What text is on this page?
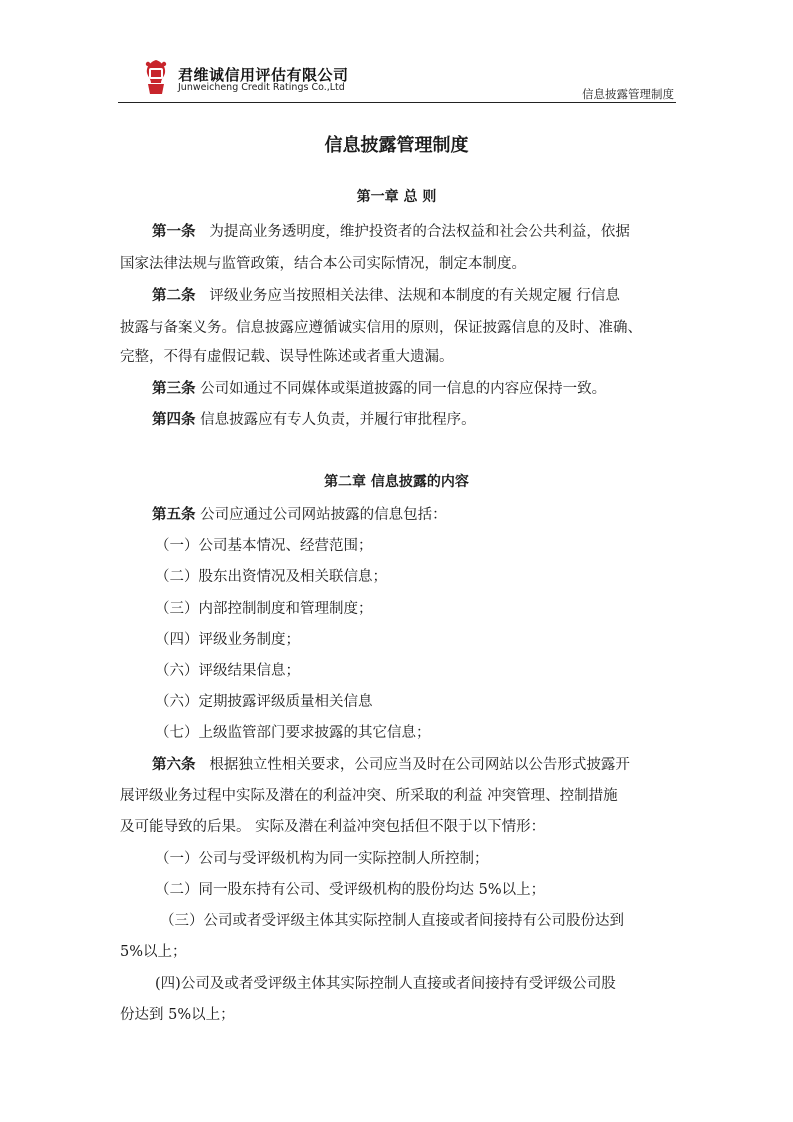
君维诚信用评估有限公司
Junweicheng Credit Ratings Co.,Ltd	信息披露管理制度
信息披露管理制度
第一章 总 则
第一条 为提高业务透明度，维护投资者的合法权益和社会公共利益，依据
国家法律法规与监管政策，结合本公司实际情况，制定本制度。
第二条 评级业务应当按照相关法律、法规和本制度的有关规定履 行信息
披露与备案义务。信息披露应遵循诚实信用的原则，保证披露信息的及时、准确、
完整，不得有虚假记载、误导性陈述或者重大遗漏。
第三条 公司如通过不同媒体或渠道披露的同一信息的内容应保持一致。
第四条 信息披露应有专人负责，并履行审批程序。
第二章 信息披露的内容
第五条 公司应通过公司网站披露的信息包括：
（一）公司基本情况、经营范围；
（二）股东出资情况及相关联信息；
（三）内部控制制度和管理制度；
（四）评级业务制度；
（六）评级结果信息；
（六）定期披露评级质量相关信息
（七）上级监管部门要求披露的其它信息；
第六条 根据独立性相关要求，公司应当及时在公司网站以公告形式披露开
展评级业务过程中实际及潜在的利益冲突、所采取的利益 冲突管理、控制措施
及可能导致的后果。 实际及潜在利益冲突包括但不限于以下情形：
（一）公司与受评级机构为同一实际控制人所控制；
（二）同一股东持有公司、受评级机构的股份均达 5%以上；
（三）公司或者受评级主体其实际控制人直接或者间接持有公司股份达到
5%以上；
(四)公司及或者受评级主体其实际控制人直接或者间接持有受评级公司股
份达到 5%以上；
